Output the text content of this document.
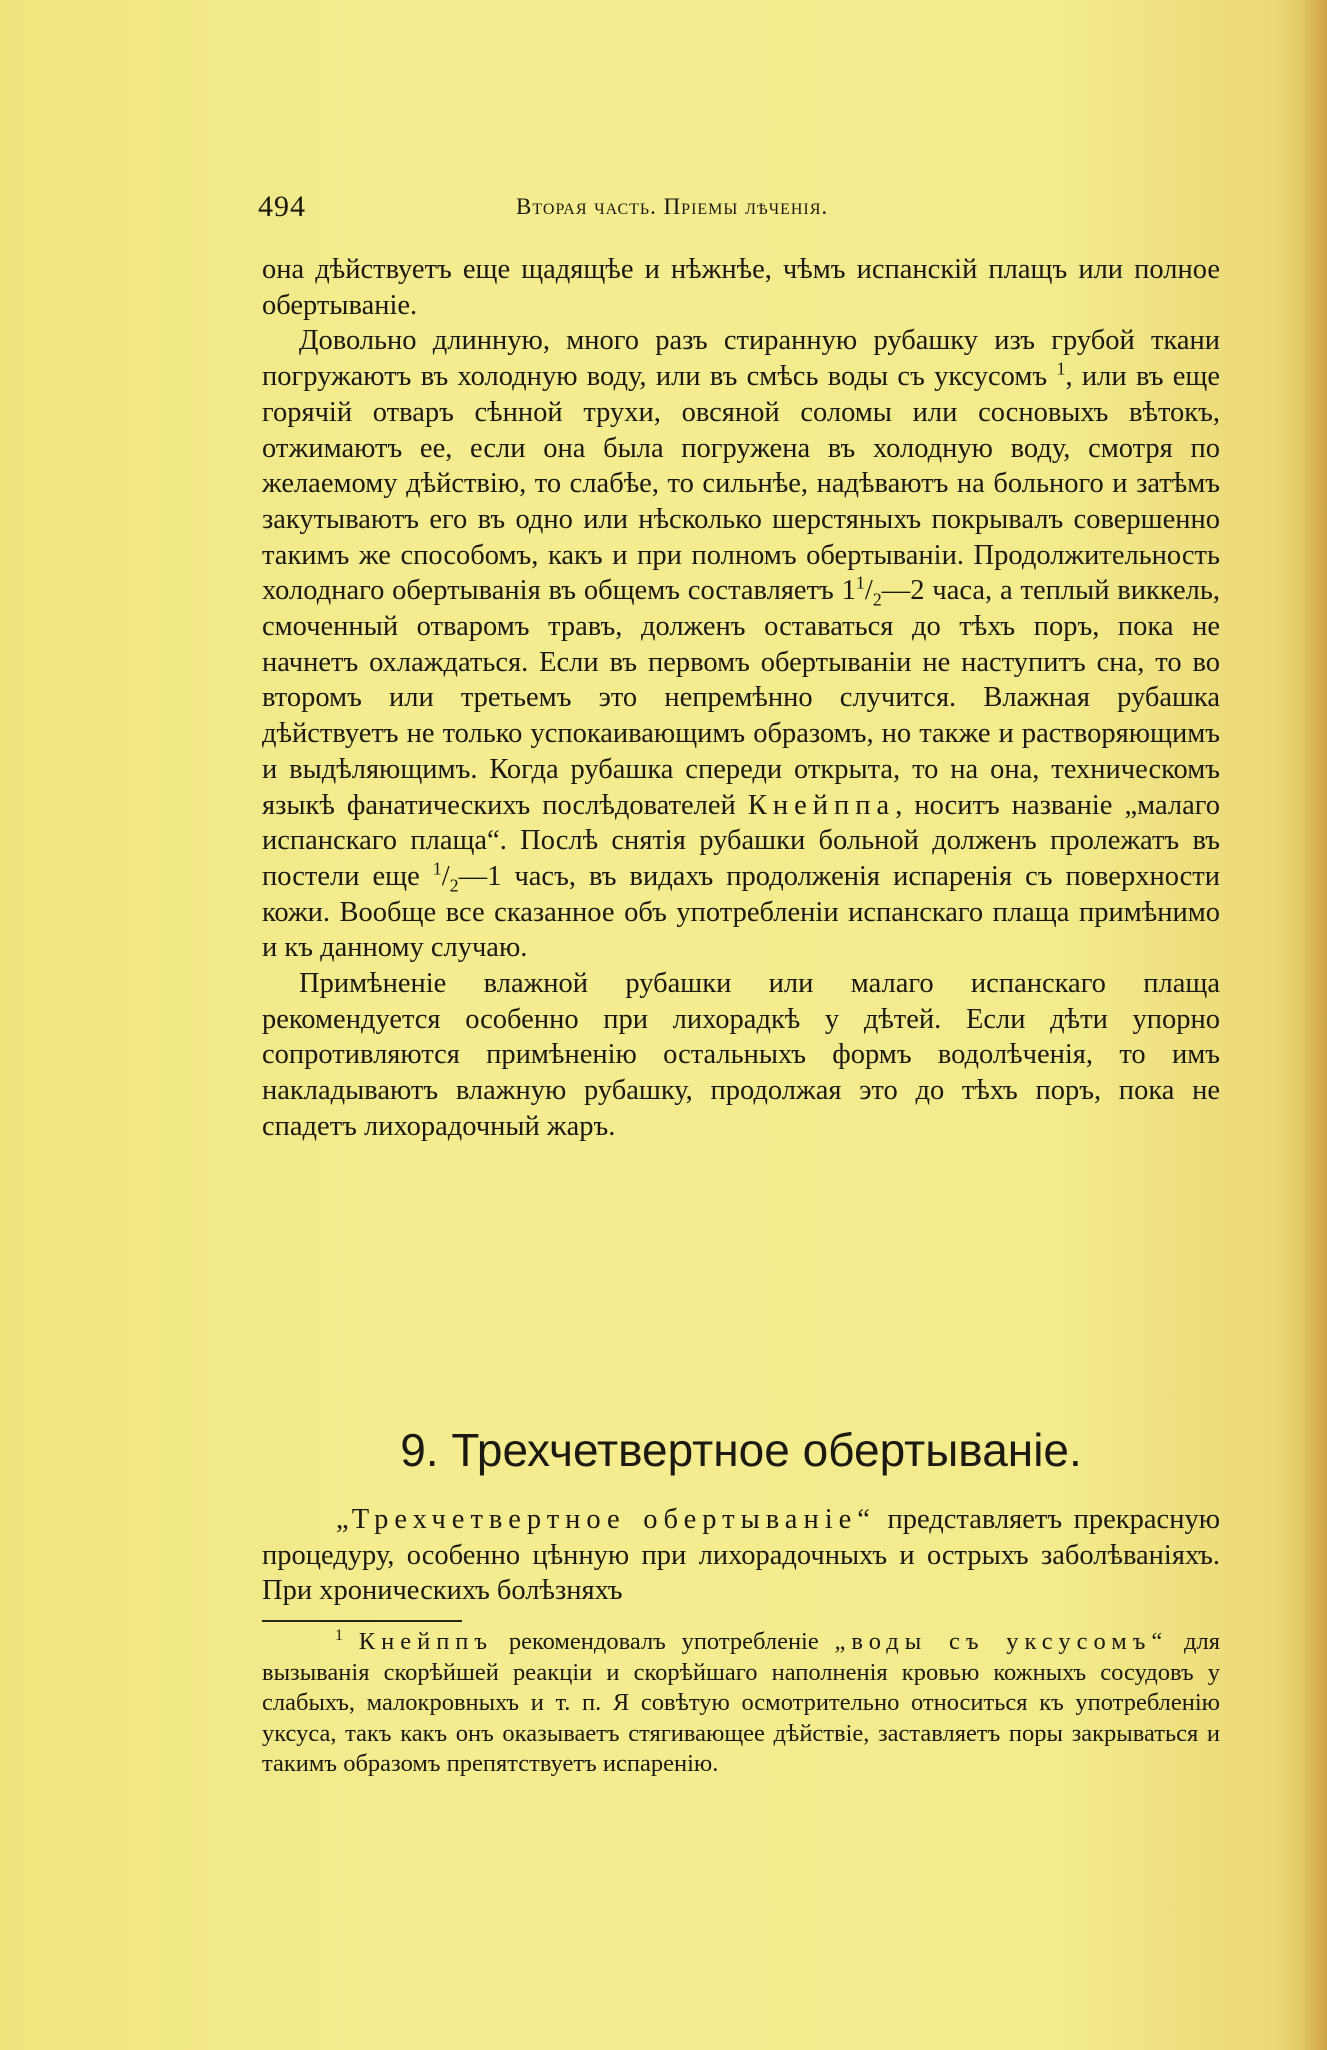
494	Вторая часть. Пріемы лѣченія.

она дѣйствуетъ еще щадящѣе и нѣжнѣе, чѣмъ испанскій плащъ или полное обертываніе.

Довольно длинную, много разъ стиранную рубашку изъ грубой ткани погружаютъ въ холодную воду, или въ смѣсь воды съ уксусомъ $^1$, или въ еще горячій отваръ сѣнной трухи, овсяной соломы или сосновыхъ вѣтокъ, отжимаютъ ее, если она была погружена въ холодную воду, смотря по желаемому дѣйствію, то слабѣе, то сильнѣе, надѣваютъ на больного и затѣмъ закутываютъ его въ одно или нѣсколько шерстяныхъ покрывалъ совершенно такимъ же способомъ, какъ и при полномъ обертываніи. Продолжительность холоднаго обертыванія въ общемъ составляетъ $1^1/_2—2$ часа, а теплый виккель, смоченный отваромъ травъ, долженъ оставаться до тѣхъ поръ, пока не начнетъ охлаждаться. Если въ первомъ обертываніи не наступитъ сна, то во второмъ или третьемъ это непремѣнно случится. Влажная рубашка дѣйствуетъ не только успокаивающимъ образомъ, но также и растворяющимъ и выдѣляющимъ. Когда рубашка спереди открыта, то на она, техническомъ языкѣ фанатическихъ послѣдователей Кнейппа, носитъ названіе „малаго испанскаго плаща“. Послѣ снятія рубашки больной долженъ пролежатъ въ постели еще $^1/_2—1$ часъ, въ видахъ продолженія испаренія съ поверхности кожи. Вообще все сказанное объ употребленіи испанскаго плаща примѣнимо и къ данному случаю.

Примѣненіе влажной рубашки или малаго испанскаго плаща рекомендуется особенно при лихорадкѣ у дѣтей. Если дѣти упорно сопротивляются примѣненію остальныхъ формъ водолѣченія, то имъ накладываютъ влажную рубашку, продолжая это до тѣхъ поръ, пока не спадетъ лихорадочный жаръ.

9. Трехчетвертное обертываніе.

„Трехчетвертное обертываніе“ представляетъ прекрасную процедуру, особенно цѣнную при лихорадочныхъ и острыхъ заболѣваніяхъ. При хроническихъ болѣзняхъ

$^1$ Кнейппъ рекомендовалъ употребленіе „воды съ уксусомъ“ для вызыванія скорѣйшей реакціи и скорѣйшаго наполненія кровью кожныхъ сосудовъ у слабыхъ, малокровныхъ и т. п. Я совѣтую осмотрительно относиться къ употребленію уксуса, такъ какъ онъ оказываетъ стягивающее дѣйствіе, заставляетъ поры закрываться и такимъ образомъ препятствуетъ испаренію.
